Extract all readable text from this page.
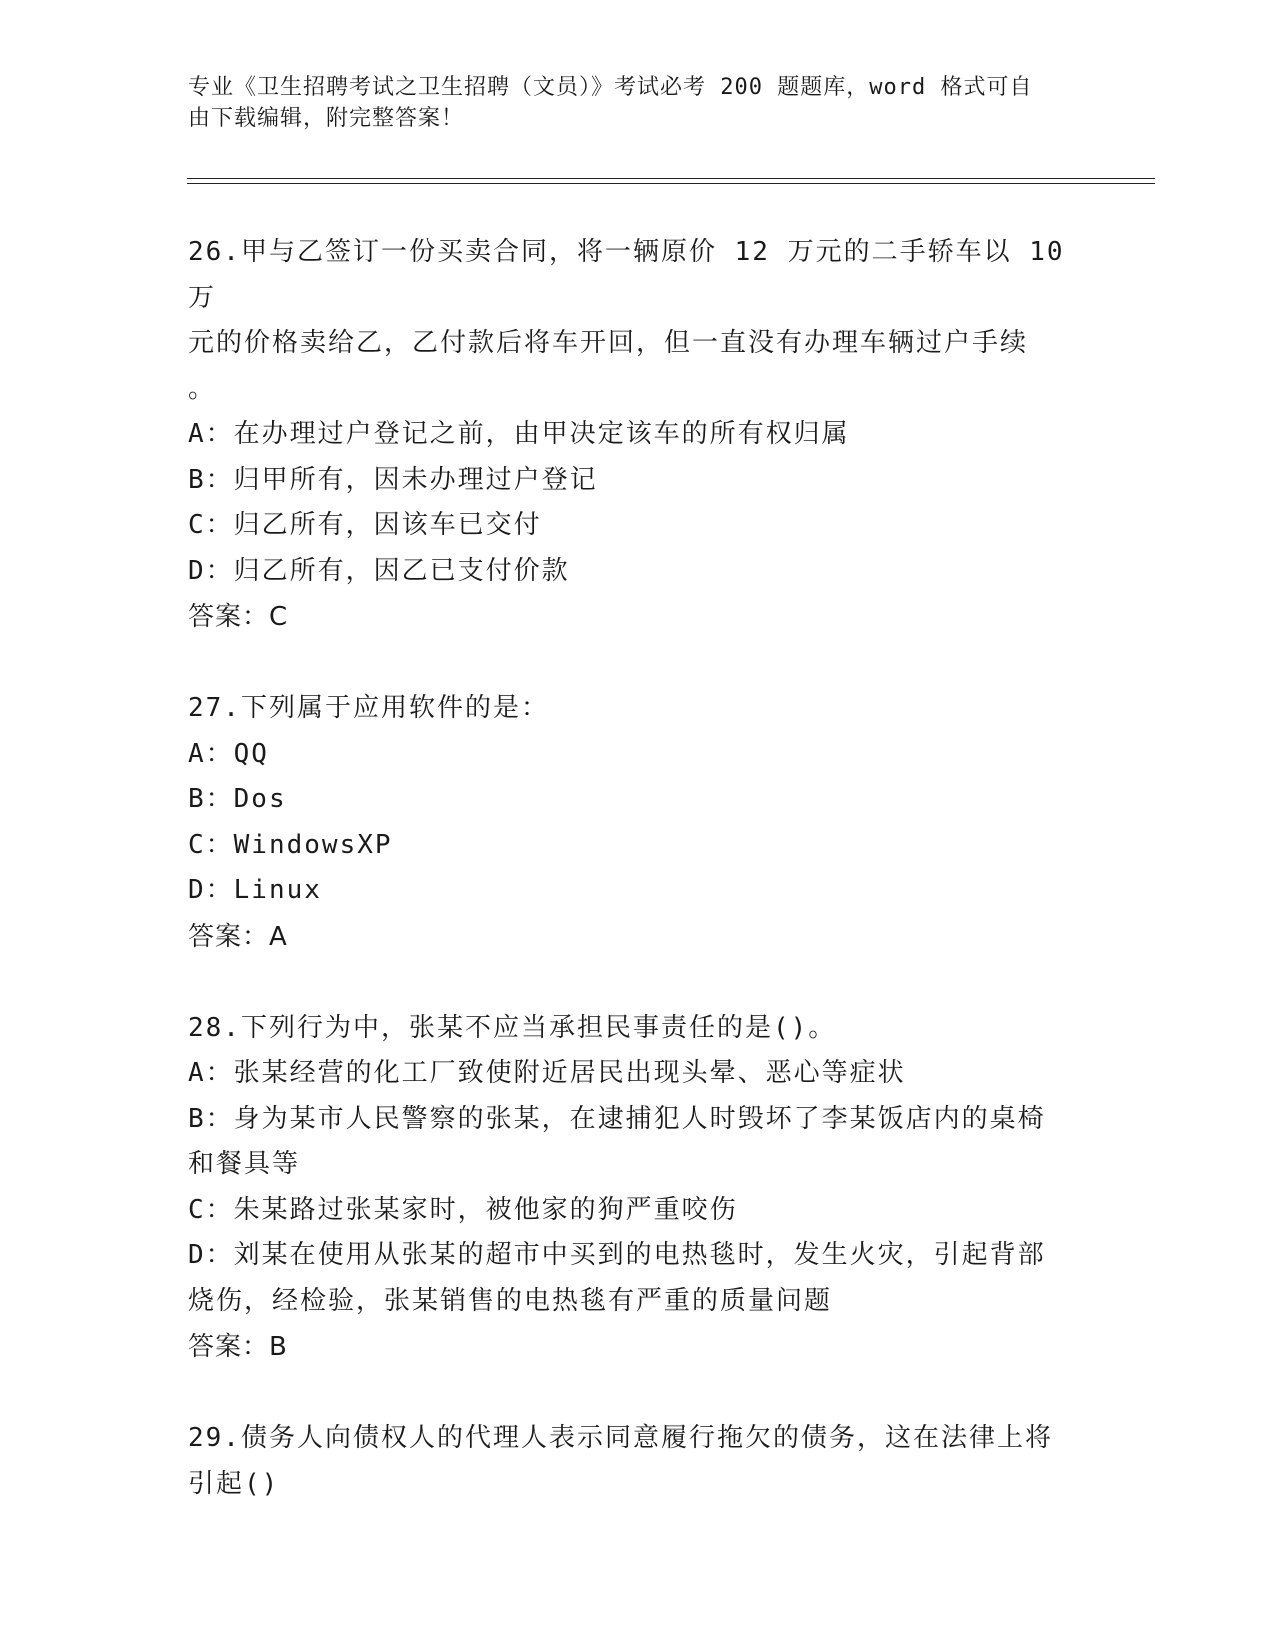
专业《卫生招聘考试之卫生招聘（文员）》考试必考 200 题题库，word 格式可自
由下载编辑，附完整答案！
26.甲与乙签订一份买卖合同，将一辆原价 12 万元的二手轿车以 10 万
元的价格卖给乙，乙付款后将车开回，但一直没有办理车辆过户手续
。
A：在办理过户登记之前，由甲决定该车的所有权归属
B：归甲所有，因未办理过户登记
C：归乙所有，因该车已交付
D：归乙所有，因乙已支付价款
答案：C
27.下列属于应用软件的是：
A：QQ
B：Dos
C：WindowsXP
D：Linux
答案：A
28.下列行为中，张某不应当承担民事责任的是()。
A：张某经营的化工厂致使附近居民出现头晕、恶心等症状
B：身为某市人民警察的张某，在逮捕犯人时毁坏了李某饭店内的桌椅
和餐具等
C：朱某路过张某家时，被他家的狗严重咬伤
D：刘某在使用从张某的超市中买到的电热毯时，发生火灾，引起背部
烧伤，经检验，张某销售的电热毯有严重的质量问题
答案：B
29.债务人向债权人的代理人表示同意履行拖欠的债务，这在法律上将
引起()
